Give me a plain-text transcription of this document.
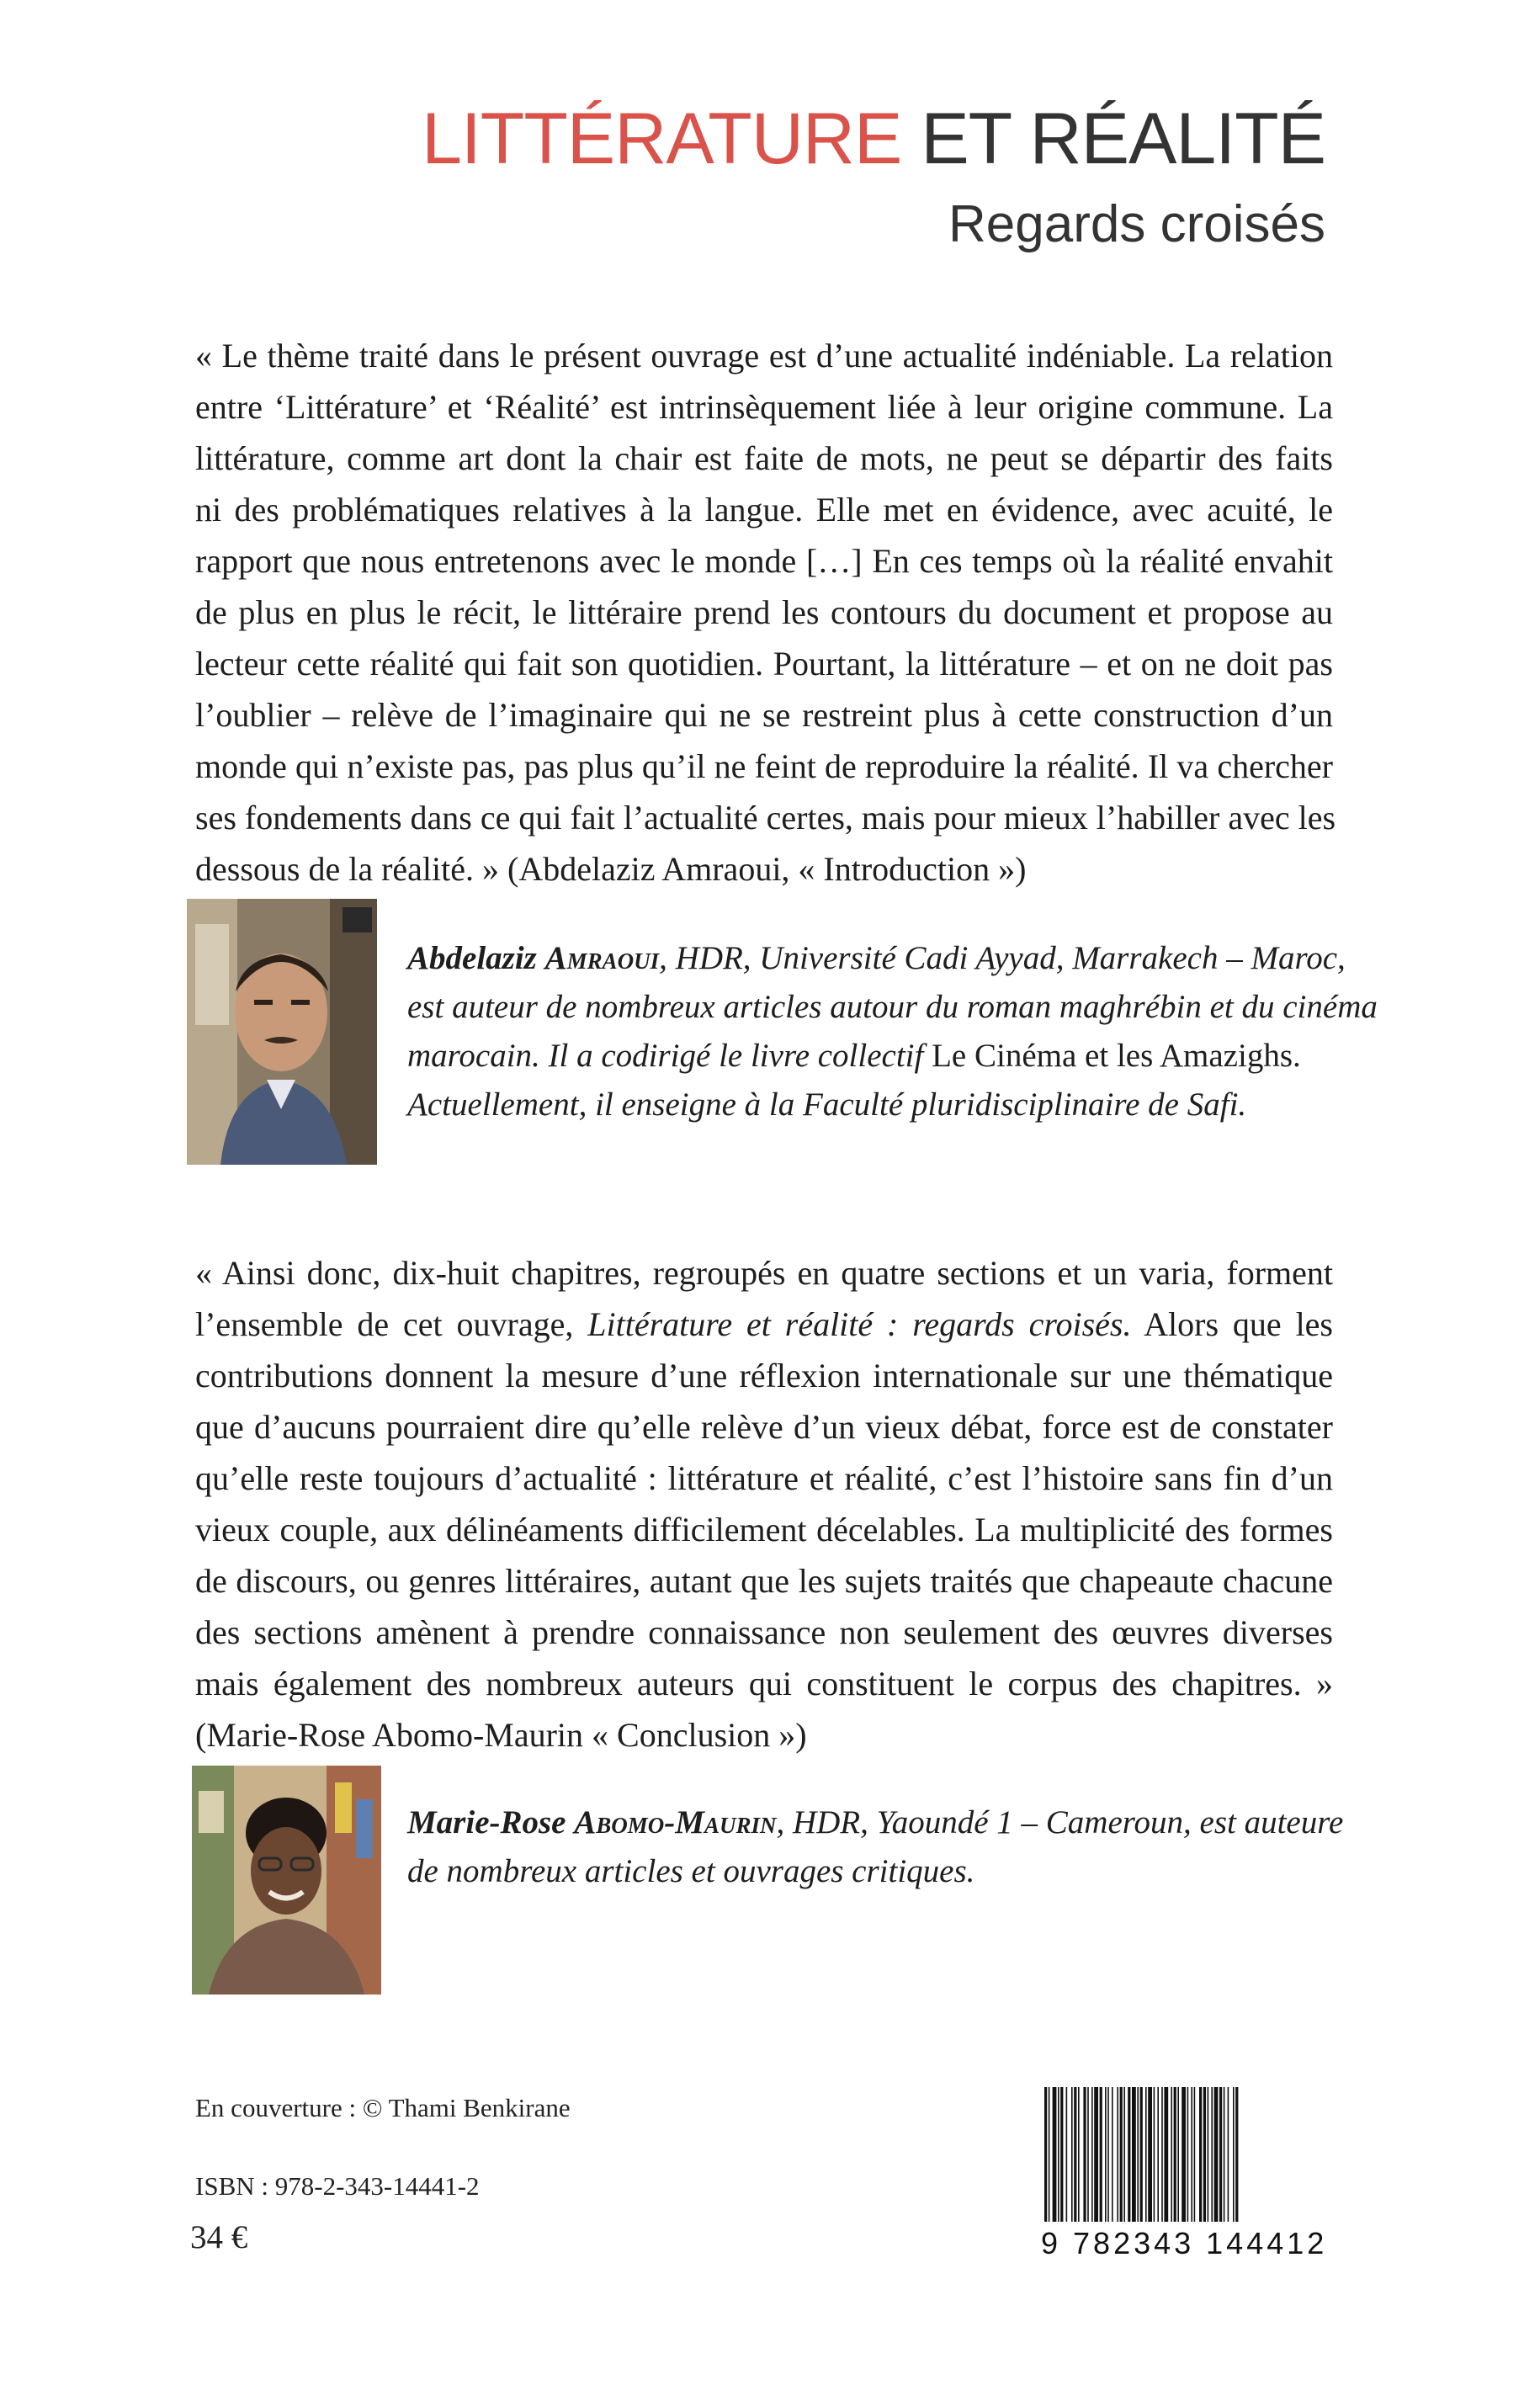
LITTÉRATURE ET RÉALITÉ
Regards croisés
« Le thème traité dans le présent ouvrage est d’une actualité indéniable. La relation
entre ‘Littérature’ et ‘Réalité’ est intrinsèquement liée à leur origine commune. La
littérature, comme art dont la chair est faite de mots, ne peut se départir des faits
ni des problématiques relatives à la langue. Elle met en évidence, avec acuité, le
rapport que nous entretenons avec le monde […] En ces temps où la réalité envahit
de plus en plus le récit, le littéraire prend les contours du document et propose au
lecteur cette réalité qui fait son quotidien. Pourtant, la littérature – et on ne doit pas
l’oublier – relève de l’imaginaire qui ne se restreint plus à cette construction d’un
monde qui n’existe pas, pas plus qu’il ne feint de reproduire la réalité. Il va chercher
ses fondements dans ce qui fait l’actualité certes, mais pour mieux l’habiller avec les
dessous de la réalité. » (Abdelaziz Amraoui, « Introduction »)
Abdelaziz Amraoui, HDR, Université Cadi Ayyad, Marrakech – Maroc,
est auteur de nombreux articles autour du roman maghrébin et du cinéma
marocain. Il a codirigé le livre collectif Le Cinéma et les Amazighs.
Actuellement, il enseigne à la Faculté pluridisciplinaire de Safi.
« Ainsi donc, dix-huit chapitres, regroupés en quatre sections et un varia, forment
l’ensemble de cet ouvrage, Littérature et réalité : regards croisés. Alors que les
contributions donnent la mesure d’une réflexion internationale sur une thématique
que d’aucuns pourraient dire qu’elle relève d’un vieux débat, force est de constater
qu’elle reste toujours d’actualité : littérature et réalité, c’est l’histoire sans fin d’un
vieux couple, aux délinéaments difficilement décelables. La multiplicité des formes
de discours, ou genres littéraires, autant que les sujets traités que chapeaute chacune
des sections amènent à prendre connaissance non seulement des œuvres diverses
mais également des nombreux auteurs qui constituent le corpus des chapitres. »
(Marie-Rose Abomo-Maurin « Conclusion »)
Marie-Rose Abomo-Maurin, HDR, Yaoundé 1 – Cameroun, est auteure
de nombreux articles et ouvrages critiques.
En couverture : © Thami Benkirane
ISBN : 978-2-343-14441-2
34 €	9 782343 144412
